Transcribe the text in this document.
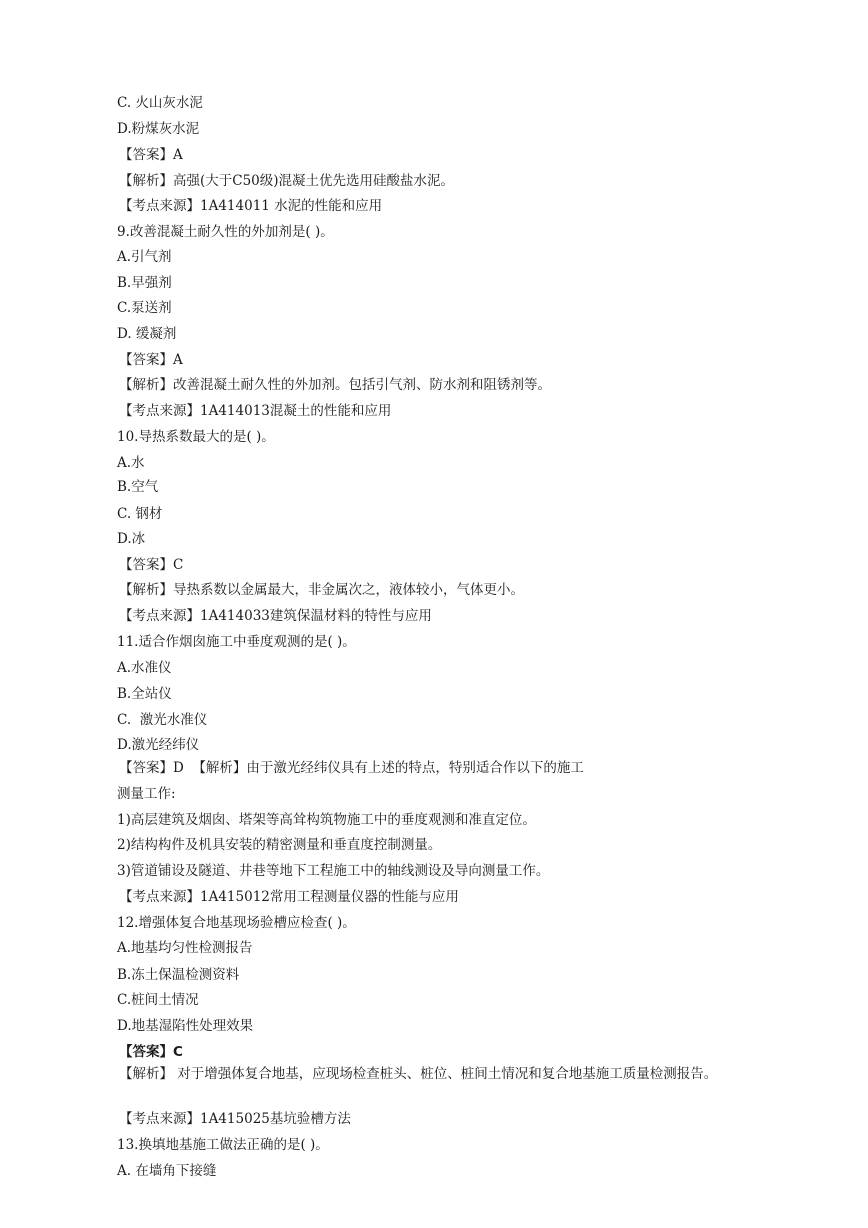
C. 火山灰水泥
D.粉煤灰水泥
【答案】A
【解析】高强(大于C50级)混凝土优先选用硅酸盐水泥。
【考点来源】1A414011 水泥的性能和应用
9.改善混凝土耐久性的外加剂是( )。
A.引气剂
B.早强剂
C.泵送剂
D. 缓凝剂
【答案】A
【解析】改善混凝土耐久性的外加剂。包括引气剂、防水剂和阻锈剂等。
【考点来源】1A414013混凝土的性能和应用
10.导热系数最大的是( )。
A.水
B.空气
C. 钢材
D.冰
【答案】C
【解析】导热系数以金属最大，非金属次之，液体较小，气体更小。
【考点来源】1A414033建筑保温材料的特性与应用
11.适合作烟囱施工中垂度观测的是( )。
A.水准仪
B.全站仪
C.  激光水准仪
D.激光经纬仪
【答案】D  【解析】由于激光经纬仪具有上述的特点，特别适合作以下的施工
测量工作:
1)高层建筑及烟囱、塔架等高耸构筑物施工中的垂度观测和准直定位。
2)结构构件及机具安装的精密测量和垂直度控制测量。
3)管道铺设及隧道、井巷等地下工程施工中的轴线测设及导向测量工作。
【考点来源】1A415012常用工程测量仪器的性能与应用
12.增强体复合地基现场验槽应检查( )。
A.地基均匀性检测报告
B.冻土保温检测资料
C.桩间土情况
D.地基湿陷性处理效果
【答案】C
【解析】 对于增强体复合地基，应现场检查桩头、桩位、桩间土情况和复合地基施工质量检测报告。
【考点来源】1A415025基坑验槽方法
13.换填地基施工做法正确的是( )。
A. 在墙角下接缝
